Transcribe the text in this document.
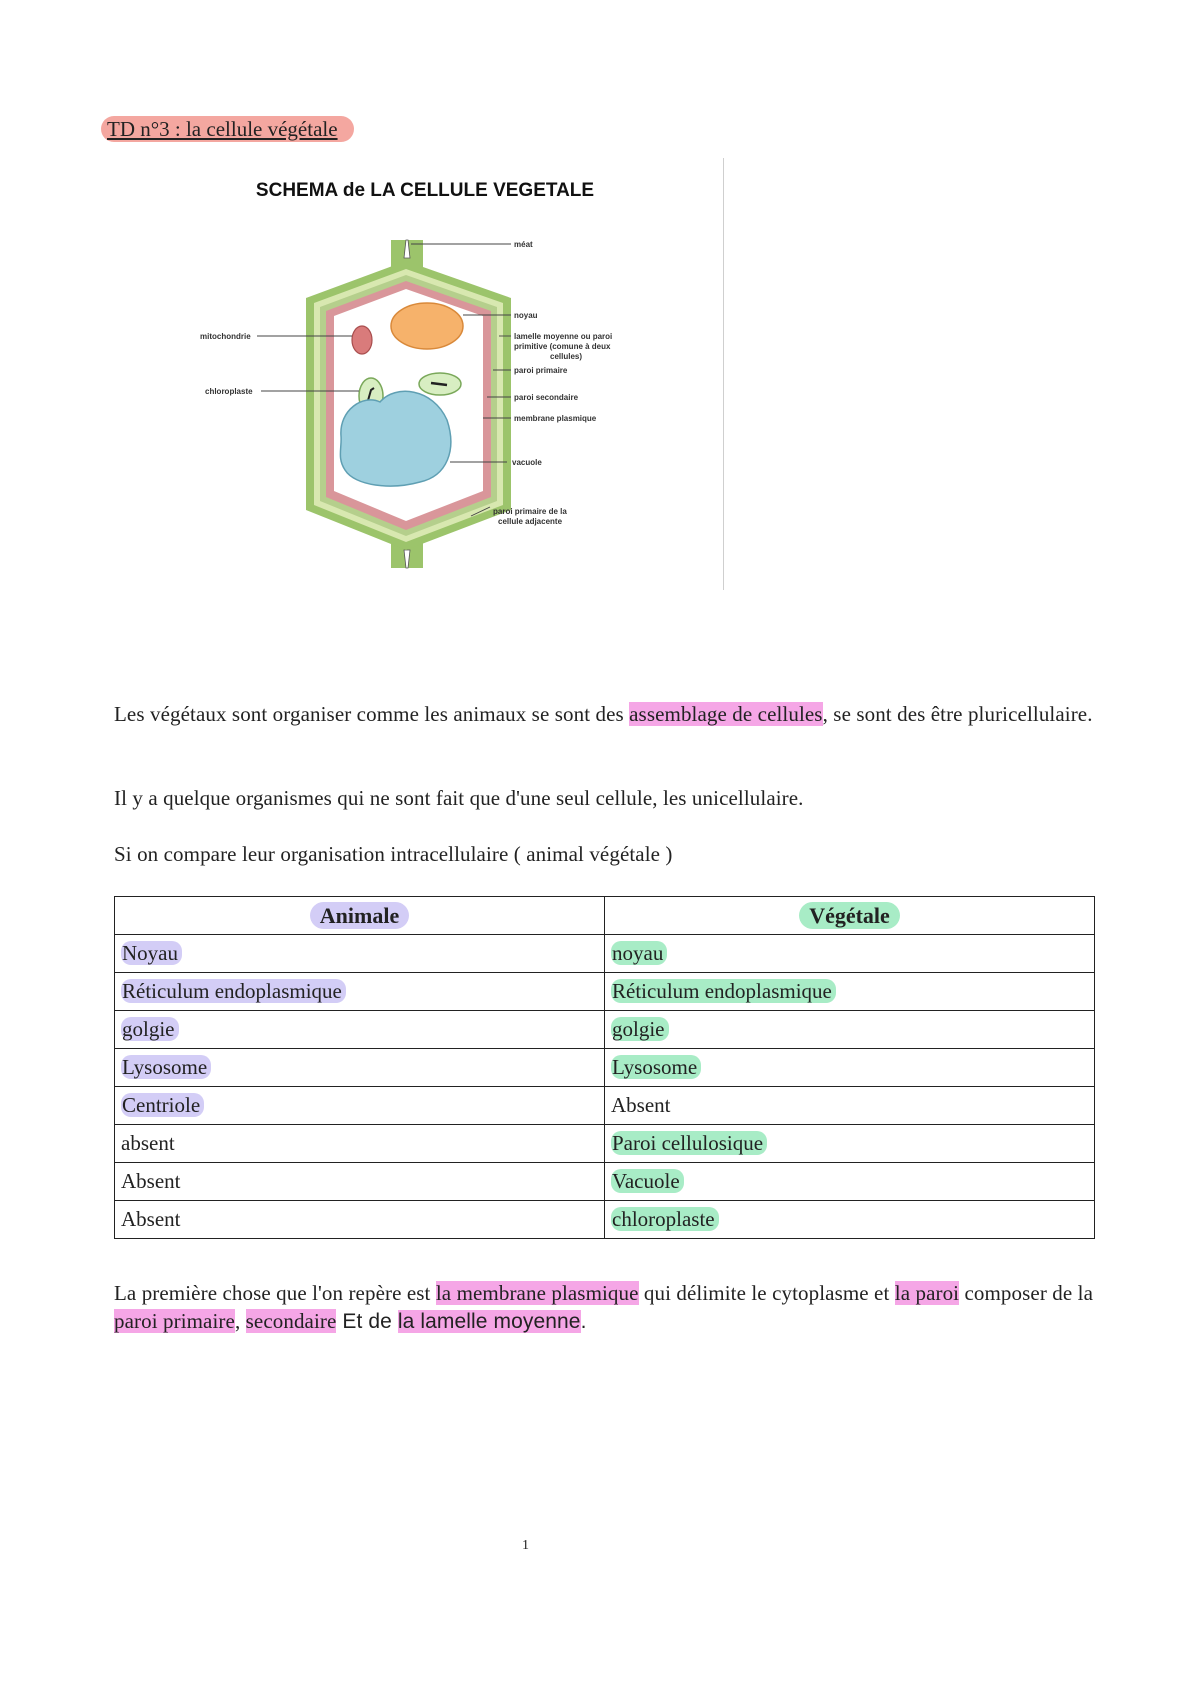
TD n°3 : la cellule végétale
SCHEMA de LA CELLULE VEGETALE
méat
noyau
mitochondrie	lamelle moyenne ou paroi
primitive (comune à deux
cellules)
chloroplaste
paroi primaire
paroi secondaire
membrane plasmique
vacuole
paroi primaire de la
cellule adjacente
Les végétaux sont organiser comme les animaux se sont des assemblage de cellules, se sont des être pluricellulaire.
Il y a quelque organismes qui ne sont fait que d'une seul cellule, les unicellulaire.
Si on compare leur organisation intracellulaire ( animal végétale )
Animale	Végétale
Noyau	noyau
Réticulum endoplasmique	Réticulum endoplasmique
golgie	golgie
Lysosome	Lysosome
Centriole	Absent
absent	Paroi cellulosique
Absent	Vacuole
Absent	chloroplaste
La première chose que l'on repère est la membrane plasmique qui délimite le cytoplasme et la paroi composer de la paroi primaire, secondaire Et de la lamelle moyenne.
1
